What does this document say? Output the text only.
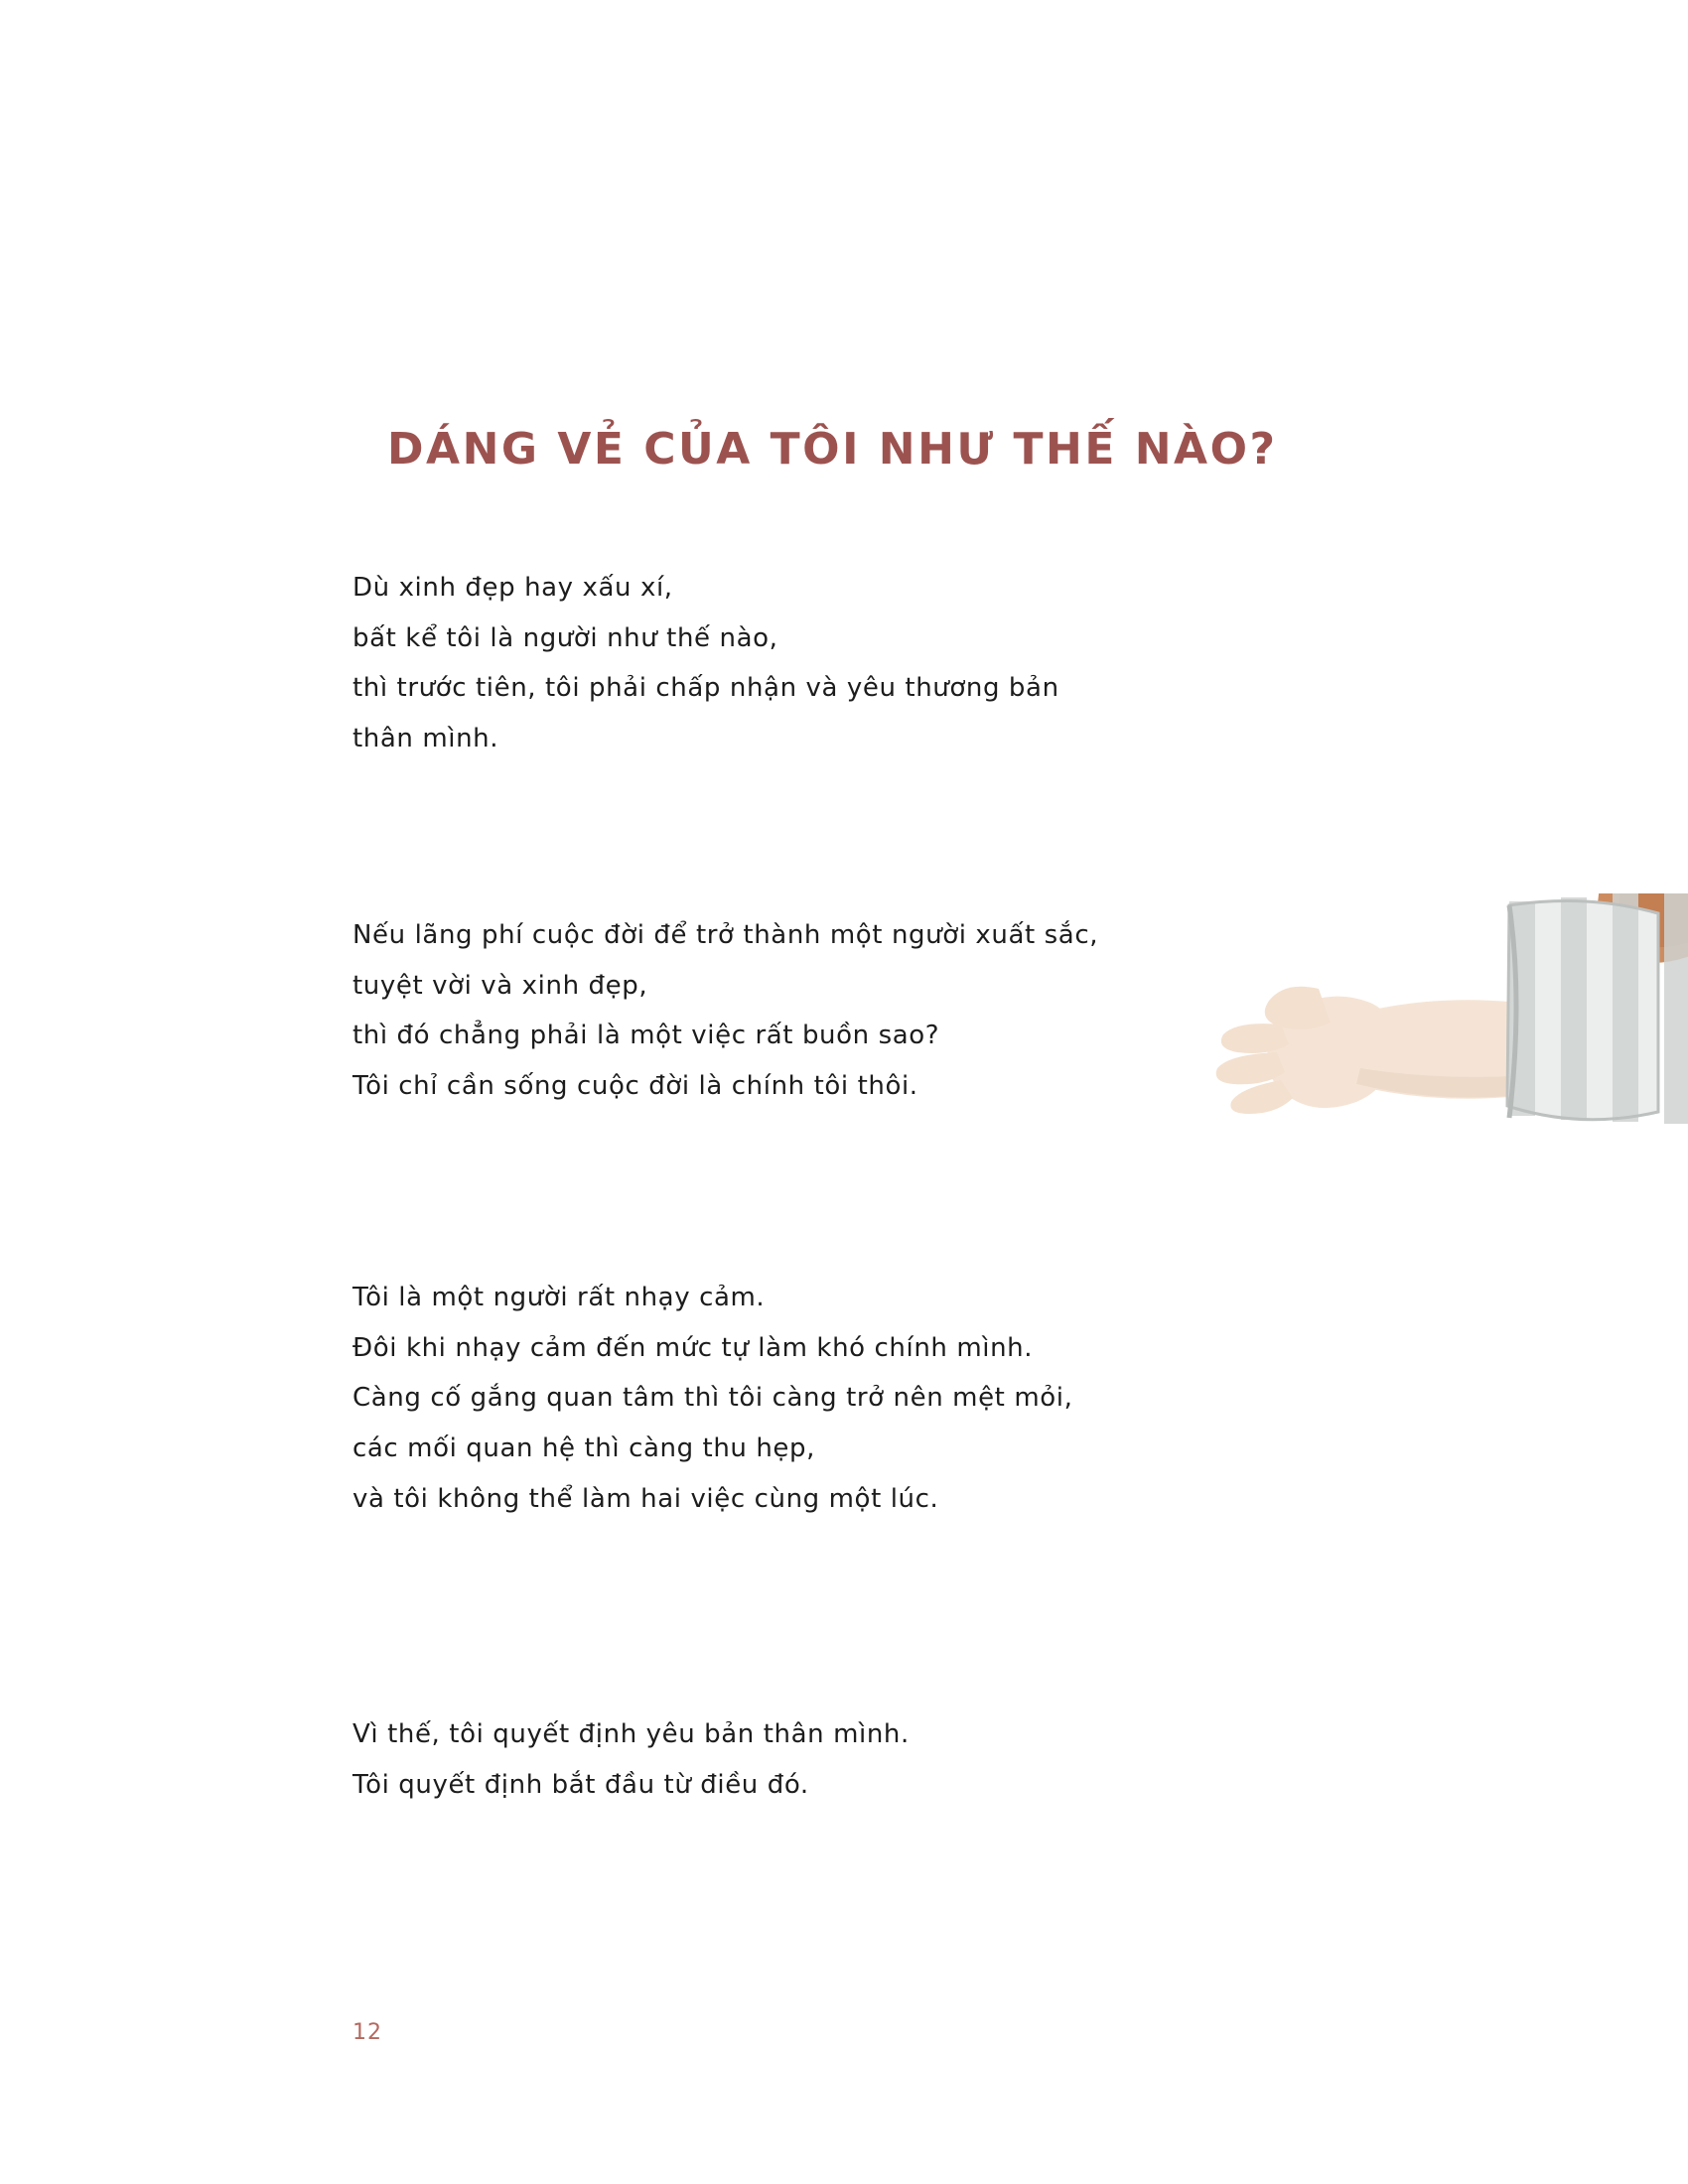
DÁNG VẺ CỦA TÔI NHƯ THẾ NÀO?

Dù xinh đẹp hay xấu xí,

bất kể tôi là người như thế nào,

thì trước tiên, tôi phải chấp nhận và yêu thương bản

thân mình.

Nếu lãng phí cuộc đời để trở thành một người xuất sắc,

tuyệt vời và xinh đẹp,

thì đó chẳng phải là một việc rất buồn sao?

Tôi chỉ cần sống cuộc đời là chính tôi thôi.

Tôi là một người rất nhạy cảm.

Đôi khi nhạy cảm đến mức tự làm khó chính mình.

Càng cố gắng quan tâm thì tôi càng trở nên mệt mỏi,

các mối quan hệ thì càng thu hẹp,

và tôi không thể làm hai việc cùng một lúc.

Vì thế, tôi quyết định yêu bản thân mình.

Tôi quyết định bắt đầu từ điều đó.

12
